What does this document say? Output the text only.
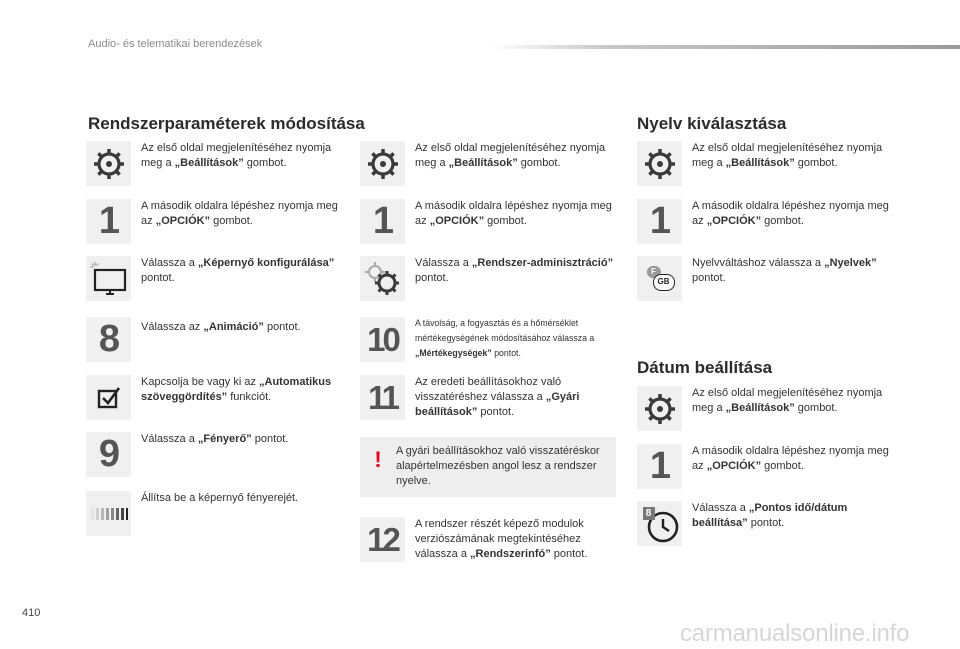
Audio- és telematikai berendezések
Rendszerparaméterek módosítása
Az első oldal megjelenítéséhez nyomja meg a „Beállítások” gombot.
1 A második oldalra lépéshez nyomja meg az „OPCIÓK” gombot.
Válassza a „Képernyő konfigurálása” pontot.
8 Válassza az „Animáció” pontot.
Kapcsolja be vagy ki az „Automatikus szöveggördítés” funkciót.
9 Válassza a „Fényerő” pontot.
Állítsa be a képernyő fényerejét.
Az első oldal megjelenítéséhez nyomja meg a „Beállítások” gombot.
1 A második oldalra lépéshez nyomja meg az „OPCIÓK” gombot.
Válassza a „Rendszer-adminisztráció” pontot.
10 A távolság, a fogyasztás és a hőmérséklet mértékegységének módosításához válassza a „Mértékegységek” pontot.
11 Az eredeti beállításokhoz való visszatéréshez válassza a „Gyári beállítások” pontot.
!	A gyári beállításokhoz való visszatéréskor alapértelmezésben angol lesz a rendszer nyelve.
12 A rendszer részét képező modulok verziószámának megtekintéséhez válassza a „Rendszerinfó” pontot.
Nyelv kiválasztása
Az első oldal megjelenítéséhez nyomja meg a „Beállítások” gombot.
1 A második oldalra lépéshez nyomja meg az „OPCIÓK” gombot.
F
GB
Nyelvváltáshoz válassza a „Nyelvek” pontot.
Dátum beállítása
Az első oldal megjelenítéséhez nyomja meg a „Beállítások” gombot.
1 A második oldalra lépéshez nyomja meg az „OPCIÓK” gombot.
8	Válassza a „Pontos idő/dátum beállítása” pontot.
410
carmanualsonline.info
